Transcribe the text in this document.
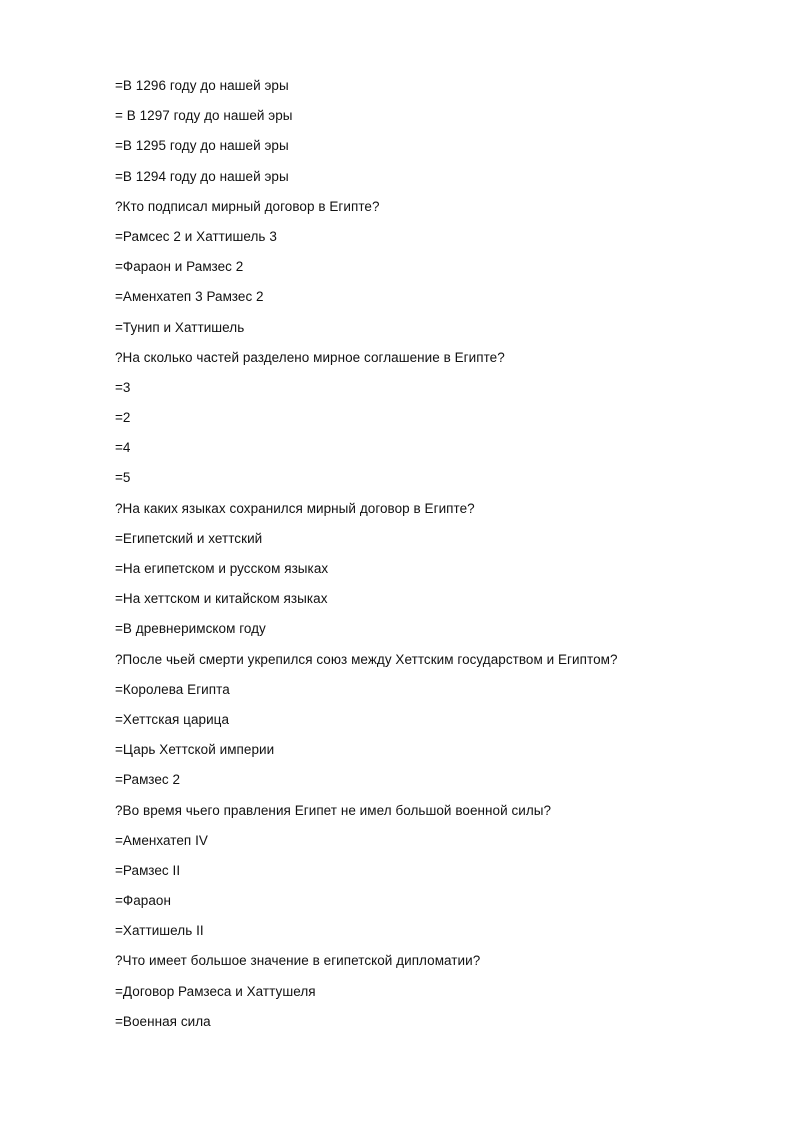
=В 1296 году до нашей эры
= В 1297 году до нашей эры
=В 1295 году до нашей эры
=В 1294 году до нашей эры
?Кто подписал мирный договор в Египте?
=Рамсес 2 и Хаттишель 3
=Фараон и Рамзес 2
=Аменхатеп 3 Рамзес 2
=Тунип и Хаттишель
?На сколько частей разделено мирное соглашение в Египте?
=3
=2
=4
=5
?На каких языках сохранился мирный договор в Египте?
=Египетский и хеттский
=На египетском и русском языках
=На хеттском и китайском языках
=В древнеримском году
?После чьей смерти укрепился союз между Хеттским государством и Египтом?
=Королева Египта
=Хеттская царица
=Царь Хеттской империи
=Рамзес 2
?Во время чьего правления Египет не имел большой военной силы?
=Аменхатеп IV
=Рамзес II
=Фараон
=Хаттишель II
?Что имеет большое значение в египетской дипломатии?
=Договор Рамзеса и Хаттушеля
=Военная сила
